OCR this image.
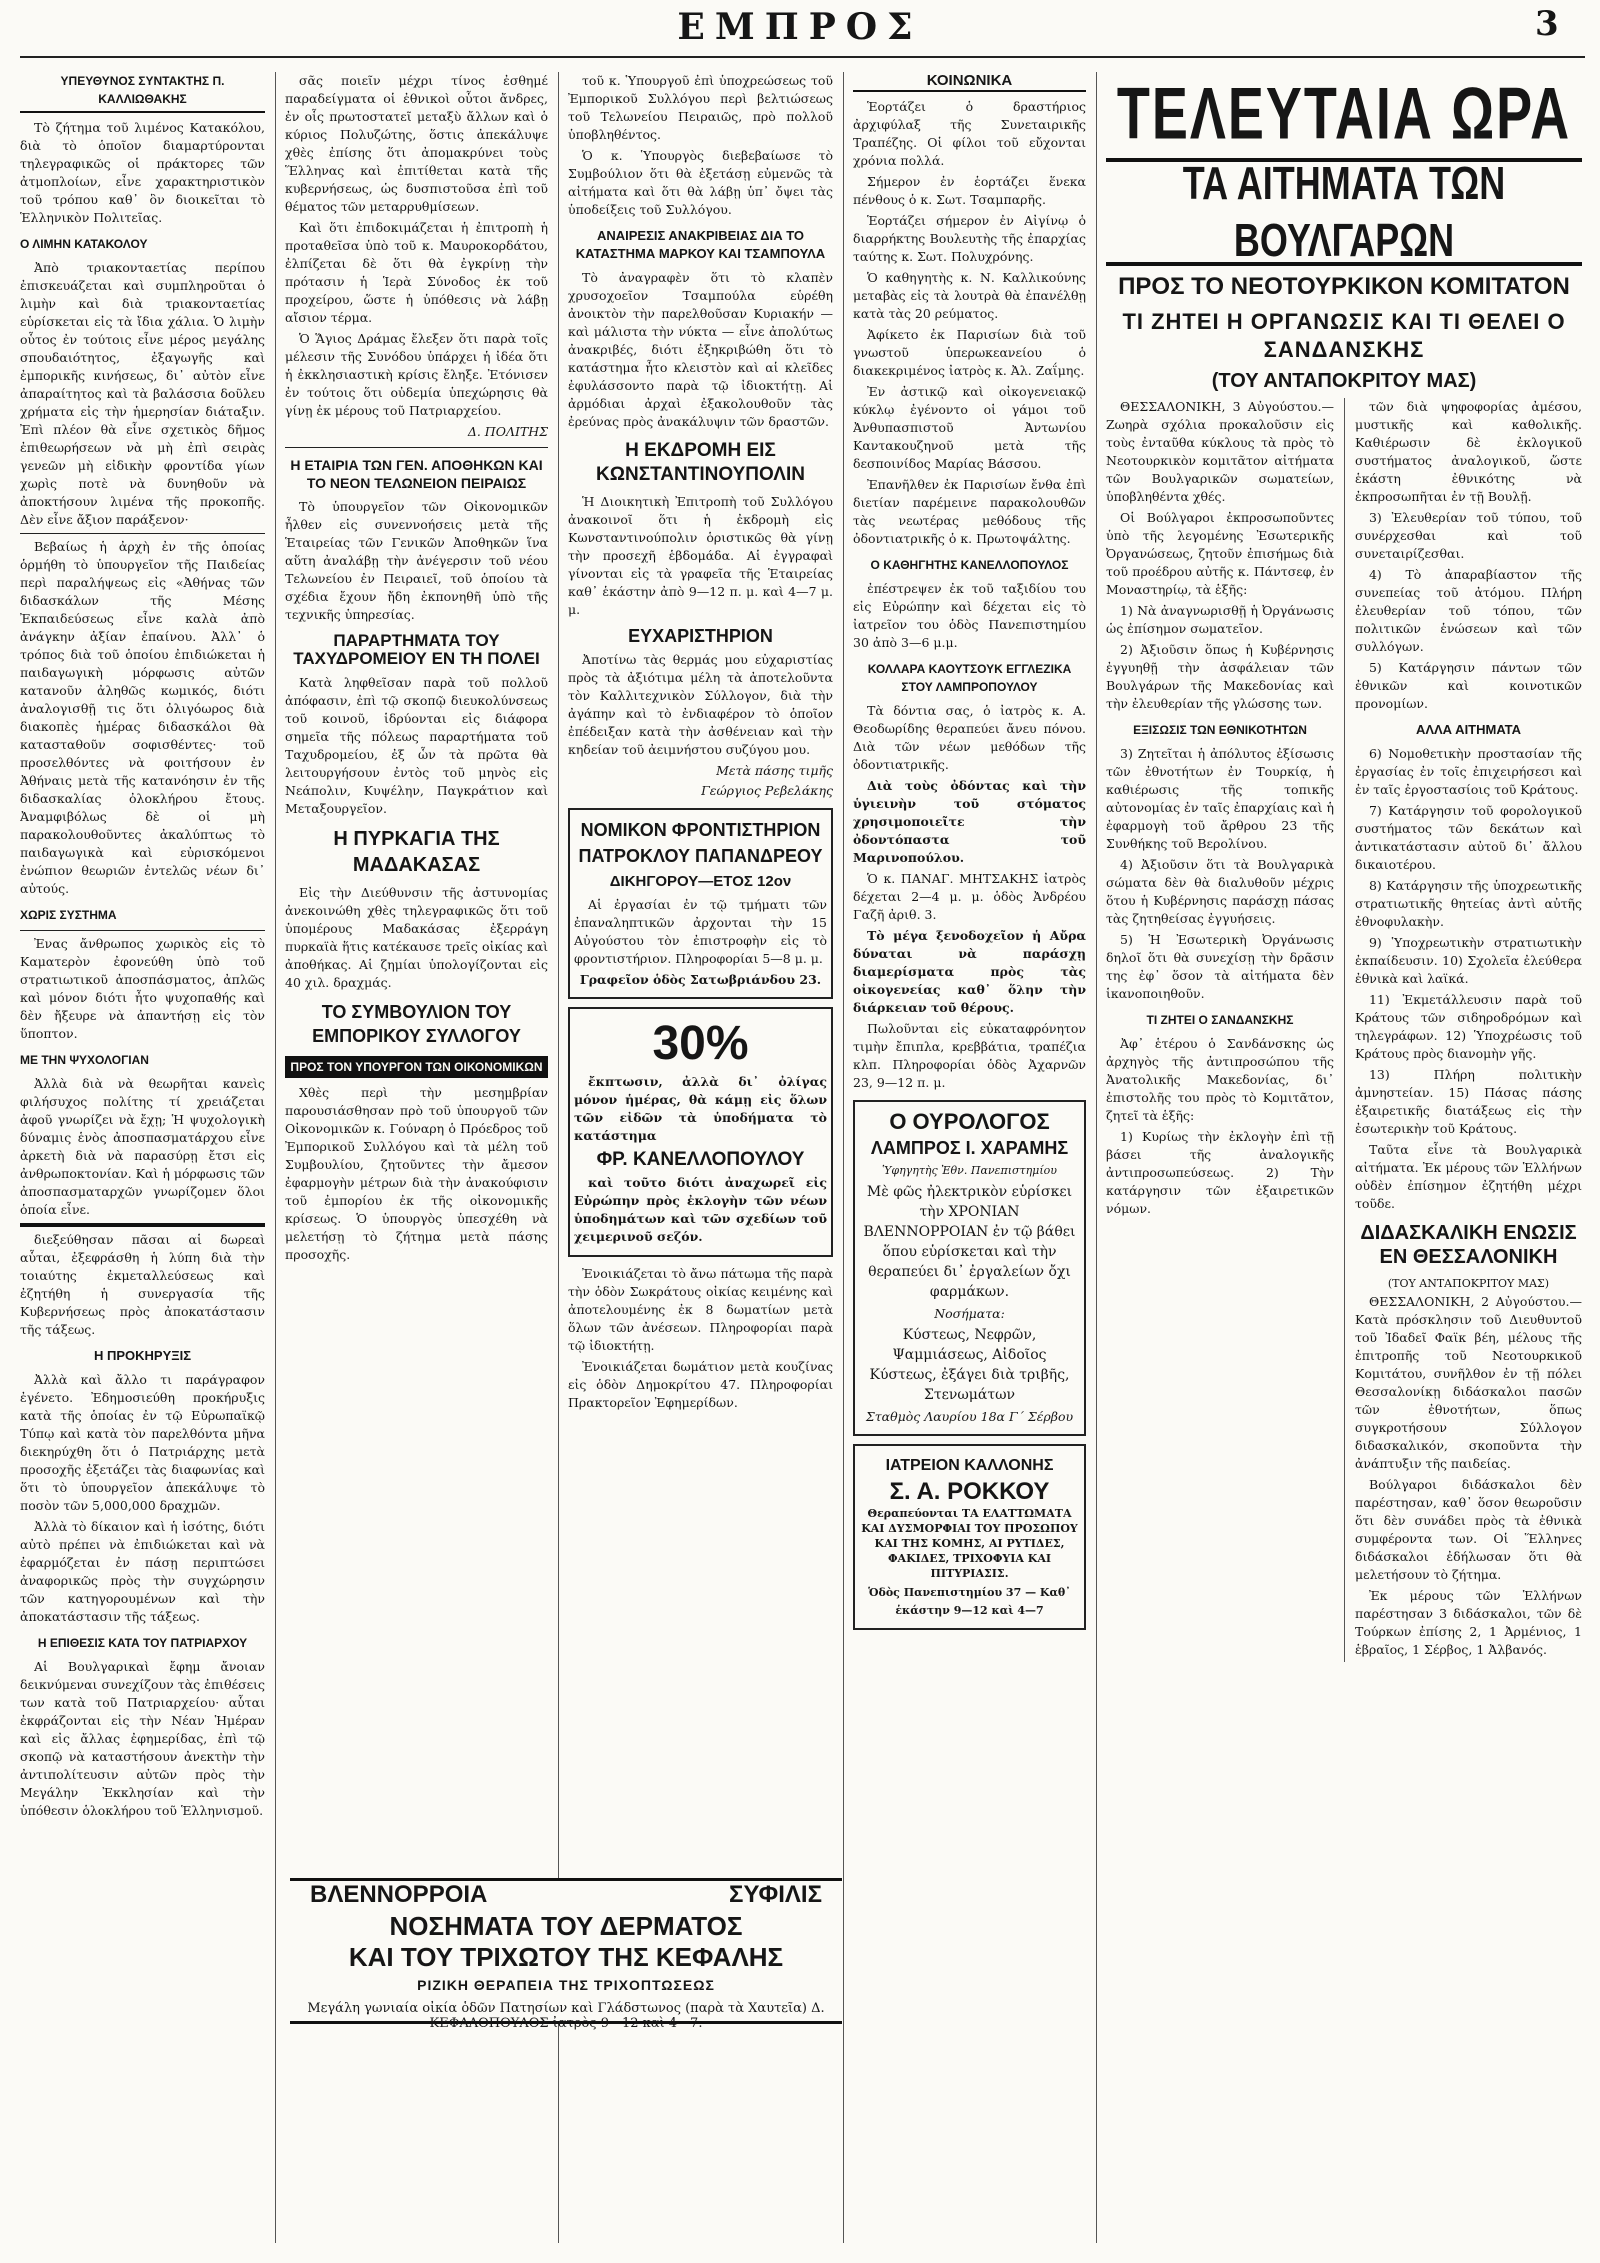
ΕΜΠΡΟΣ	3
ΥΠΕΥΘΥΝΟΣ ΣΥΝΤΑΚΤΗΣ Π. ΚΑΛΛΙΩΘΑΚΗΣ

Τὸ ζήτημα τοῦ λιμένος Κατακόλου, διὰ τὸ ὁποῖον διαμαρτύρονται τηλεγραφικῶς οἱ πράκτορες τῶν ἀτμοπλοίων, εἶνε χαρακτηριστικὸν τοῦ τρόπου καθ᾽ ὃν διοικεῖται τὸ Ἑλληνικὸν Πολιτεῖας.

Ο ΛΙΜΗΝ ΚΑΤΑΚΟΛΟΥ

Ἀπὸ τριακονταετίας περίπου ἐπισκευάζεται καὶ συμπληροῦται ὁ λιμὴν καὶ διὰ τριακονταετίας εὑρίσκεται εἰς τὰ ἴδια χάλια. Ὁ λιμὴν οὗτος ἐν τούτοις εἶνε μέρος μεγάλης σπουδαιότητος, ἐξαγωγῆς καὶ ἐμπορικῆς κινήσεως, δι᾽ αὐτὸν εἶνε ἀπαραίτητος καὶ τὰ βαλάσσια δοῦλευ χρήματα εἰς τὴν ἡμερησίαν διάταξιν. Ἐπὶ πλέον θὰ εἶνε σχετικὸς δῆμος ἐπιθεωρήσεων νὰ μὴ ἐπὶ σειρὰς γενεῶν μὴ εἰδικὴν φροντίδα γίων χωρὶς ποτὲ νὰ δυνηθοῦν νὰ ἀποκτήσουν λιμένα τῆς προκοπῆς. Δὲν εἶνε ἄξιον παράξενον·

Βεβαίως ἡ ἀρχὴ ἐν τῆς ὁποίας ὁρμήθη τὸ ὑπουργεῖον τῆς Παιδείας περὶ παραλήψεως εἰς «Ἀθήνας τῶν διδασκάλων τῆς Μέσης Ἐκπαιδεύσεως εἶνε καλὰ ἀπὸ ἀνάγκην ἀξίαν ἐπαίνου. Ἀλλ᾽ ὁ τρόπος διὰ τοῦ ὁποίου ἐπιδιώκεται ἡ παιδαγωγικὴ μόρφωσις αὐτῶν κατανοῦν ἀληθῶς κωμικός, διότι ἀναλογισθῇ τις ὅτι ὀλιγόωρος διὰ διακοπὲς ἡμέρας διδασκάλοι θὰ κατασταθοῦν σοφισθέντες· τοῦ προσελθόντες νὰ φοιτήσουν ἐν Ἀθήναις μετὰ τῆς κατανόησιν ἐν τῆς διδασκαλίας ὀλοκλήρου ἔτους. Ἀναμφιβόλως δὲ οἱ μὴ παρακολουθοῦντες ἀκαλύπτως τὸ παιδαγωγικὰ καὶ εὐρισκόμενοι ἐνώπιον θεωριῶν ἐντελῶς νέων δι᾽ αὐτούς.

ΧΩΡΙΣ ΣΥΣΤΗΜΑ

Ἐνας ἄνθρωπος χωρικὸς εἰς τὸ Καματερὸν ἐφονεύθη ὑπὸ τοῦ στρατιωτικοῦ ἀποσπάσματος, ἀπλῶς καὶ μόνον διότι ἦτο ψυχοπαθής καὶ δὲν ἤξευρε νὰ ἀπαντήσῃ εἰς τὸν ὕποπτον.

ΜΕ ΤΗΝ ΨΥΧΟΛΟΓΙΑΝ

Ἀλλὰ διὰ νὰ θεωρῆται κανεὶς φιλήσυχος πολίτης τί χρειάζεται ἀφοῦ γνωρίζει νὰ ἔχῃ; Ἡ ψυχολογικὴ δύναμις ἑνὸς ἀποσπασματάρχου εἶνε ἀρκετὴ διὰ νὰ παρασύρῃ ἔτσι εἰς ἀνθρωποκτονίαν. Καὶ ἡ μόρφωσις τῶν ἀποσπασματαρχῶν γνωρίζομεν ὅλοι ὁποία εἶνε.

διεξεύθησαν πᾶσαι αἱ δωρεαὶ αὗται, ἐξεφράσθη ἡ λύπη διὰ τὴν τοιαύτης ἐκμεταλλεύσεως καὶ ἐζητήθη ἡ συνεργασία τῆς Κυβερνήσεως πρὸς ἀποκατάστασιν τῆς τάξεως.

Η ΠΡΟΚΗΡΥΞΙΣ

Ἀλλὰ καὶ ἄλλο τι παράγραφον ἐγένετο. Ἐδημοσιεύθη προκήρυξις κατὰ τῆς ὁποίας ἐν τῷ Εὐρωπαϊκῷ Τύπῳ καὶ κατὰ τὸν παρελθόντα μῆνα διεκηρύχθη ὅτι ὁ Πατριάρχης μετὰ προσοχῆς ἐξετάζει τὰς διαφωνίας καὶ ὅτι τὸ ὑπουργεῖον ἀπεκάλυψε τὸ ποσὸν τῶν 5,000,000 δραχμῶν.

Ἀλλὰ τὸ δίκαιον καὶ ἡ ἰσότης, διότι αὐτὸ πρέπει νὰ ἐπιδιώκεται καὶ νὰ ἐφαρμόζεται ἐν πάσῃ περιπτώσει ἀναφορικῶς πρὸς τὴν συγχώρησιν τῶν κατηγορουμένων καὶ τὴν ἀποκατάστασιν τῆς τάξεως.

Η ΕΠΙΘΕΣΙΣ ΚΑΤΑ ΤΟΥ ΠΑΤΡΙΑΡΧΟΥ

Αἱ Βουλγαρικαὶ ἔφημ ἄνοιαν δεικνύμεναι συνεχίζουν τὰς ἐπιθέσεις των κατὰ τοῦ Πατριαρχείου· αὗται ἐκφράζονται εἰς τὴν Νέαν Ἡμέραν καὶ εἰς ἄλλας ἐφημερίδας, ἐπὶ τῷ σκοπῷ νὰ καταστήσουν ἀνεκτὴν τὴν ἀντιπολίτευσιν αὐτῶν πρὸς τὴν Μεγάλην Ἐκκλησίαν καὶ τὴν ὑπόθεσιν ὁλοκλήρου τοῦ Ἑλληνισμοῦ.

σᾶς ποιεῖν μέχρι τίνος ἐσθημέ παραδείγματα οἱ ἐθνικοὶ οὗτοι ἄνδρες, ἐν οἷς πρωτοστατεῖ μεταξὺ ἄλλων καὶ ὁ κύριος Πολυζώτης, ὅστις ἀπεκάλυψε χθὲς ἐπίσης ὅτι ἀπομακρύνει τοὺς Ἕλληνας καὶ ἐπιτίθεται κατὰ τῆς κυβερνήσεως, ὡς δυσπιστοῦσα ἐπὶ τοῦ θέματος τῶν μεταρρυθμίσεων.

Καὶ ὅτι ἐπιδοκιμάζεται ἡ ἐπιτροπὴ ἡ προταθεῖσα ὑπὸ τοῦ κ. Μαυροκορδάτου, ἐλπίζεται δὲ ὅτι θὰ ἐγκρίνῃ τὴν πρότασιν ἡ Ἱερὰ Σύνοδος ἐκ τοῦ προχείρου, ὥστε ἡ ὑπόθεσις νὰ λάβῃ αἴσιον τέρμα.

Ὁ Ἅγιος Δράμας ἔλεξεν ὅτι παρὰ τοῖς μέλεσιν τῆς Συνόδου ὑπάρχει ἡ ἰδέα ὅτι ἡ ἐκκλησιαστικὴ κρίσις ἔληξε. Ἐτόνισεν ἐν τούτοις ὅτι οὐδεμία ὑπεχώρησις θὰ γίνῃ ἐκ μέρους τοῦ Πατριαρχείου.

Δ. ΠΟΛΙΤΗΣ
Η ΕΤΑΙΡΙΑ ΤΩΝ ΓΕΝ. ΑΠΟΘΗΚΩΝ ΚΑΙ ΤΟ ΝΕΟΝ ΤΕΛΩΝΕΙΟΝ ΠΕΙΡΑΙΩΣ

Τὸ ὑπουργεῖον τῶν Οἰκονομικῶν ἦλθεν εἰς συνεννοήσεις μετὰ τῆς Ἑταιρείας τῶν Γενικῶν Ἀποθηκῶν ἵνα αὕτη ἀναλάβῃ τὴν ἀνέγερσιν τοῦ νέου Τελωνείου ἐν Πειραιεῖ, τοῦ ὁποίου τὰ σχέδια ἔχουν ἤδη ἐκπονηθῆ ὑπὸ τῆς τεχνικῆς ὑπηρεσίας.

ΠΑΡΑΡΤΗΜΑΤΑ ΤΟΥ ΤΑΧΥΔΡΟΜΕΙΟΥ ΕΝ ΤΗ ΠΟΛΕΙ

Κατὰ ληφθεῖσαν παρὰ τοῦ πολλοῦ ἀπόφασιν, ἐπὶ τῷ σκοπῷ διευκολύνσεως τοῦ κοινοῦ, ἱδρύονται εἰς διάφορα σημεῖα τῆς πόλεως παραρτήματα τοῦ Ταχυδρομείου, ἐξ ὧν τὰ πρῶτα θὰ λειτουργήσουν ἐντὸς τοῦ μηνὸς εἰς Νεάπολιν, Κυψέλην, Παγκράτιον καὶ Μεταξουργεῖον.

Η ΠΥΡΚΑΓΙΑ ΤΗΣ ΜΑΔΑΚΑΣΑΣ

Εἰς τὴν Διεύθυνσιν τῆς ἀστυνομίας ἀνεκοινώθη χθὲς τηλεγραφικῶς ὅτι τοῦ ὑπομέρους Μαδακάσας ἐξερράγη πυρκαϊὰ ἥτις κατέκαυσε τρεῖς οἰκίας καὶ ἀποθήκας. Αἱ ζημίαι ὑπολογίζονται εἰς 40 χιλ. δραχμάς.

ΤΟ ΣΥΜΒΟΥΛΙΟΝ ΤΟΥ ΕΜΠΟΡΙΚΟΥ ΣΥΛΛΟΓΟΥ
ΠΡΟΣ ΤΟΝ ΥΠΟΥΡΓΟΝ ΤΩΝ ΟΙΚΟΝΟΜΙΚΩΝ

Χθὲς περὶ τὴν μεσημβρίαν παρουσιάσθησαν πρὸ τοῦ ὑπουργοῦ τῶν Οἰκονομικῶν κ. Γούναρη ὁ Πρόεδρος τοῦ Ἐμπορικοῦ Συλλόγου καὶ τὰ μέλη τοῦ Συμβουλίου, ζητοῦντες τὴν ἄμεσον ἐφαρμογὴν μέτρων διὰ τὴν ἀνακούφισιν τοῦ ἐμπορίου ἐκ τῆς οἰκονομικῆς κρίσεως. Ὁ ὑπουργὸς ὑπεσχέθη νὰ μελετήσῃ τὸ ζήτημα μετὰ πάσης προσοχῆς.

τοῦ κ. Ὑπουργοῦ ἐπὶ ὑποχρεώσεως τοῦ Ἐμπορικοῦ Συλλόγου περὶ βελτιώσεως τοῦ Τελωνείου Πειραιῶς, πρὸ πολλοῦ ὑποβληθέντος.

Ὁ κ. Ὑπουργὸς διεβεβαίωσε τὸ Συμβούλιον ὅτι θὰ ἐξετάσῃ εὐμενῶς τὰ αἰτήματα καὶ ὅτι θὰ λάβῃ ὑπ᾽ ὄψει τὰς ὑποδείξεις τοῦ Συλλόγου.

ΑΝΑΙΡΕΣΙΣ ΑΝΑΚΡΙΒΕΙΑΣ ΔΙΑ ΤΟ ΚΑΤΑΣΤΗΜΑ ΜΑΡΚΟΥ ΚΑΙ ΤΣΑΜΠΟΥΛΑ

Τὸ ἀναγραφὲν ὅτι τὸ κλαπὲν χρυσοχοεῖον Τσαμπούλα εὑρέθη ἀνοικτὸν τὴν παρελθοῦσαν Κυριακήν — καὶ μάλιστα τὴν νύκτα — εἶνε ἀπολύτως ἀνακριβές, διότι ἐξηκριβώθη ὅτι τὸ κατάστημα ἦτο κλειστὸν καὶ αἱ κλεῖδες ἐφυλάσσοντο παρὰ τῷ ἰδιοκτήτῃ. Αἱ ἀρμόδιαι ἀρχαὶ ἐξακολουθοῦν τὰς ἐρεύνας πρὸς ἀνακάλυψιν τῶν δραστῶν.

Η ΕΚΔΡΟΜΗ ΕΙΣ ΚΩΝΣΤΑΝΤΙΝΟΥΠΟΛΙΝ

Ἡ Διοικητικὴ Ἐπιτροπὴ τοῦ Συλλόγου ἀνακοινοῖ ὅτι ἡ ἐκδρομὴ εἰς Κωνσταντινούπολιν ὁριστικῶς θὰ γίνῃ τὴν προσεχῆ ἑβδομάδα. Αἱ ἐγγραφαὶ γίνονται εἰς τὰ γραφεῖα τῆς Ἑταιρείας καθ᾽ ἑκάστην ἀπὸ 9—12 π. μ. καὶ 4—7 μ. μ.

ΕΥΧΑΡΙΣΤΗΡΙΟΝ

Ἀποτίνω τὰς θερμάς μου εὐχαριστίας πρὸς τὰ ἀξιότιμα μέλη τὰ ἀποτελοῦντα τὸν Καλλιτεχνικὸν Σύλλογον, διὰ τὴν ἀγάπην καὶ τὸ ἐνδιαφέρον τὸ ὁποῖον ἐπέδειξαν κατὰ τὴν ἀσθένειαν καὶ τὴν κηδείαν τοῦ ἀειμνήστου συζύγου μου.

Μετὰ πάσης τιμῆς
Γεώργιος Ρεβελάκης
ΝΟΜΙΚΟΝ ΦΡΟΝΤΙΣΤΗΡΙΟΝ
ΠΑΤΡΟΚΛΟΥ ΠΑΠΑΝΔΡΕΟΥ
ΔΙΚΗΓΟΡΟΥ—ΕΤΟΣ 12ον

Αἱ ἐργασίαι ἐν τῷ τμήματι τῶν ἐπαναληπτικῶν ἀρχονται τὴν 15 Αὐγούστου τὸν ἐπιστροφὴν εἰς τὸ φροντιστήριον. Πληροφορίαι 5—8 μ. μ.

Γραφεῖον ὁδὸς Σατωβριάνδου 23.
30%

ἔκπτωσιν, ἀλλὰ δι᾽ ὀλίγας μόνον ἡμέρας, θὰ κάμῃ εἰς ὅλων τῶν εἰδῶν τὰ ὑποδήματα τὸ κατάστημα

ΦΡ. ΚΑΝΕΛΛΟΠΟΥΛΟΥ

καὶ τοῦτο διότι ἀναχωρεῖ εἰς Εὐρώπην πρὸς ἐκλογὴν τῶν νέων ὑποδημάτων καὶ τῶν σχεδίων τοῦ χειμερινοῦ σεζόν.

Ἐνοικιάζεται τὸ ἄνω πάτωμα τῆς παρὰ τὴν ὁδὸν Σωκράτους οἰκίας κειμένης καὶ ἀποτελουμένης ἐκ 8 δωματίων μετὰ ὅλων τῶν ἀνέσεων. Πληροφορίαι παρὰ τῷ ἰδιοκτήτῃ.

Ἐνοικιάζεται δωμάτιον μετὰ κουζίνας εἰς ὁδὸν Δημοκρίτου 47. Πληροφορίαι Πρακτορεῖον Ἐφημερίδων.

ΚΟΙΝΩΝΙΚΑ

Ἑορτάζει ὁ δραστήριος ἀρχιφύλαξ τῆς Συνεταιρικῆς Τραπέζης. Οἱ φίλοι τοῦ εὔχονται χρόνια πολλά.

Σήμερον ἐν ἑορτάζει ἕνεκα πένθους ὁ κ. Σωτ. Τσαμπαρῆς.

Ἑορτάζει σήμερον ἐν Αἰγίνῳ ὁ διαρρήκτης Βουλευτὴς τῆς ἐπαρχίας ταύτης κ. Σωτ. Πολυχρόνης.

Ὁ καθηγητὴς κ. Ν. Καλλικούνης μεταβὰς εἰς τὰ λουτρὰ θὰ ἐπανέλθῃ κατὰ τὰς 20 ρεύματος.

Ἀφίκετο ἐκ Παρισίων διὰ τοῦ γνωστοῦ ὑπερωκεανείου ὁ διακεκριμένος ἰατρὸς κ. Ἀλ. Ζαΐμης.

Ἐν ἀστικῷ καὶ οἰκογενειακῷ κύκλῳ ἐγένοντο οἱ γάμοι τοῦ Ἀνθυπασπιστοῦ Ἀντωνίου Καντακουζηνοῦ μετὰ τῆς δεσποινίδος Μαρίας Βάσσου.

Ἐπανῆλθεν ἐκ Παρισίων ἔνθα ἐπὶ διετίαν παρέμεινε παρακολουθῶν τὰς νεωτέρας μεθόδους τῆς ὀδοντιατρικῆς ὁ κ. Πρωτοψάλτης.

Ο ΚΑΘΗΓΗΤΗΣ ΚΑΝΕΛΛΟΠΟΥΛΟΣ

ἐπέστρεψεν ἐκ τοῦ ταξιδίου του εἰς Εὐρώπην καὶ δέχεται εἰς τὸ ἰατρεῖον του ὁδὸς Πανεπιστημίου 30 ἀπὸ 3—6 μ.μ.

ΚΟΛΛΑΡΑ ΚΑΟΥΤΣΟΥΚ ΕΓΓΛΕΖΙΚΑ ΣΤΟΥ ΛΑΜΠΡΟΠΟΥΛΟΥ

Τὰ δόντια σας, ὁ ἰατρὸς κ. Α. Θεοδωρίδης θεραπεύει ἄνευ πόνου. Διὰ τῶν νέων μεθόδων τῆς ὀδοντιατρικῆς.

Διὰ τοὺς ὀδόντας καὶ τὴν ὑγιεινὴν τοῦ στόματος χρησιμοποιεῖτε τὴν ὀδοντόπαστα τοῦ Μαρινοπούλου.

Ὁ κ. ΠΑΝΑΓ. ΜΗΤΣΑΚΗΣ ἰατρὸς δέχεται 2—4 μ. μ. ὁδὸς Ἀνδρέου Γαζῆ ἀριθ. 3.

Τὸ μέγα ξενοδοχεῖον ἡ Αὔρα δύναται νὰ παράσχῃ διαμερίσματα πρὸς τὰς οἰκογενείας καθ᾽ ὅλην τὴν διάρκειαν τοῦ θέρους.

Πωλοῦνται εἰς εὐκαταφρόνητον τιμὴν ἔπιπλα, κρεββάτια, τραπέζια κλπ. Πληροφορίαι ὁδὸς Ἀχαρνῶν 23, 9—12 π. μ.

Ο ΟΥΡΟΛΟΓΟΣ
ΛΑΜΠΡΟΣ Ι. ΧΑΡΑΜΗΣ
Ὑφηγητὴς Ἐθν. Πανεπιστημίου

Μὲ φῶς ἠλεκτρικὸν εὑρίσκει τὴν ΧΡΟΝΙΑΝ ΒΛΕΝΝΟΡΡΟΙΑΝ ἐν τῷ βάθει ὅπου εὑρίσκεται καὶ τὴν θεραπεύει δι᾽ ἐργαλείων ὄχι φαρμάκων.

Νοσήματα:

Κύστεως, Νεφρῶν, Ψαμμιάσεως, Αἰδοῖος Κύστεως, ἐξάγει διὰ τριβῆς, Στενωμάτων

Σταθμὸς Λαυρίου 18α Γ΄ Σέρβου
ΙΑΤΡΕΙΟΝ ΚΑΛΛΟΝΗΣ
Σ. Α. ΡΟΚΚΟΥ

Θεραπεύονται ΤΑ ΕΛΑΤΤΩΜΑΤΑ ΚΑΙ ΔΥΣΜΟΡΦΙΑΙ ΤΟΥ ΠΡΟΣΩΠΟΥ ΚΑΙ ΤΗΣ ΚΟΜΗΣ, ΑΙ ΡΥΤΙΔΕΣ, ΦΑΚΙΔΕΣ, ΤΡΙΧΟΦΥΙΑ ΚΑΙ ΠΙΤΥΡΙΑΣΙΣ.

Ὁδὸς Πανεπιστημίου 37 — Καθ᾽ ἑκάστην 9—12 καὶ 4—7
ΤΕΛΕΥΤΑΙΑ ΩΡΑ
ΤΑ ΑΙΤΗΜΑΤΑ ΤΩΝ ΒΟΥΛΓΑΡΩΝ
ΠΡΟΣ ΤΟ ΝΕΟΤΟΥΡΚΙΚΟΝ ΚΟΜΙΤΑΤΟΝ
ΤΙ ΖΗΤΕΙ Η ΟΡΓΑΝΩΣΙΣ ΚΑΙ ΤΙ ΘΕΛΕΙ Ο ΣΑΝΔΑΝΣΚΗΣ
(ΤΟΥ ΑΝΤΑΠΟΚΡΙΤΟΥ ΜΑΣ)

ΘΕΣΣΑΛΟΝΙΚΗ, 3 Αὐγούστου.—Ζωηρὰ σχόλια προκαλοῦσιν εἰς τοὺς ἐνταῦθα κύκλους τὰ πρὸς τὸ Νεοτουρκικὸν κομιτᾶτον αἰτήματα τῶν Βουλγαρικῶν σωματείων, ὑποβληθέντα χθές.

Οἱ Βούλγαροι ἐκπροσωποῦντες ὑπὸ τῆς λεγομένης Ἐσωτερικῆς Ὀργανώσεως, ζητοῦν ἐπισήμως διὰ τοῦ προέδρου αὐτῆς κ. Πάντσεφ, ἐν Μοναστηρίῳ, τὰ ἑξῆς:

1) Νὰ ἀναγνωρισθῇ ἡ Ὀργάνωσις ὡς ἐπίσημον σωματεῖον.

2) Ἀξιοῦσιν ὅπως ἡ Κυβέρνησις ἐγγυηθῇ τὴν ἀσφάλειαν τῶν Βουλγάρων τῆς Μακεδονίας καὶ τὴν ἐλευθερίαν τῆς γλώσσης των.

ΕΞΙΣΩΣΙΣ ΤΩΝ ΕΘΝΙΚΟΤΗΤΩΝ

3) Ζητεῖται ἡ ἀπόλυτος ἐξίσωσις τῶν ἐθνοτήτων ἐν Τουρκίᾳ, ἡ καθιέρωσις τῆς τοπικῆς αὐτονομίας ἐν ταῖς ἐπαρχίαις καὶ ἡ ἐφαρμογὴ τοῦ ἄρθρου 23 τῆς Συνθήκης τοῦ Βερολίνου.

4) Ἀξιοῦσιν ὅτι τὰ Βουλγαρικὰ σώματα δὲν θὰ διαλυθοῦν μέχρις ὅτου ἡ Κυβέρνησις παράσχῃ πάσας τὰς ζητηθείσας ἐγγυήσεις.

5) Ἡ Ἐσωτερικὴ Ὀργάνωσις δηλοῖ ὅτι θὰ συνεχίσῃ τὴν δρᾶσιν της ἐφ᾽ ὅσον τὰ αἰτήματα δὲν ἱκανοποιηθοῦν.

ΤΙ ΖΗΤΕΙ Ο ΣΑΝΔΑΝΣΚΗΣ

Ἀφ᾽ ἑτέρου ὁ Σανδάνσκης ὡς ἀρχηγὸς τῆς ἀντιπροσώπου τῆς Ἀνατολικῆς Μακεδονίας, δι᾽ ἐπιστολῆς του πρὸς τὸ Κομιτᾶτον, ζητεῖ τὰ ἑξῆς:

1) Κυρίως τὴν ἐκλογὴν ἐπὶ τῇ βάσει τῆς ἀναλογικῆς ἀντιπροσωπεύσεως. 2) Τὴν κατάργησιν τῶν ἐξαιρετικῶν νόμων.

τῶν διὰ ψηφοφορίας ἀμέσου, μυστικῆς καὶ καθολικῆς. Καθιέρωσιν δὲ ἐκλογικοῦ συστήματος ἀναλογικοῦ, ὥστε ἑκάστη ἐθνικότης νὰ ἐκπροσωπῆται ἐν τῇ Βουλῇ.

3) Ἐλευθερίαν τοῦ τύπου, τοῦ συνέρχεσθαι καὶ τοῦ συνεταιρίζεσθαι.

4) Τὸ ἀπαραβίαστον τῆς συνεπείας τοῦ ἀτόμου. Πλήρη ἐλευθερίαν τοῦ τόπου, τῶν πολιτικῶν ἑνώσεων καὶ τῶν συλλόγων.

5) Κατάργησιν πάντων τῶν ἐθνικῶν καὶ κοινοτικῶν προνομίων.

ΑΛΛΑ ΑΙΤΗΜΑΤΑ

6) Νομοθετικὴν προστασίαν τῆς ἐργασίας ἐν τοῖς ἐπιχειρήσεσι καὶ ἐν ταῖς ἐργοστασίοις τοῦ Κράτους.

7) Κατάργησιν τοῦ φορολογικοῦ συστήματος τῶν δεκάτων καὶ ἀντικατάστασιν αὐτοῦ δι᾽ ἄλλου δικαιοτέρου.

8) Κατάργησιν τῆς ὑποχρεωτικῆς στρατιωτικῆς θητείας ἀντὶ αὐτῆς ἐθνοφυλακὴν.

9) Ὑποχρεωτικὴν στρατιωτικὴν ἐκπαίδευσιν. 10) Σχολεῖα ἐλεύθερα ἐθνικὰ καὶ λαϊκά.

11) Ἐκμετάλλευσιν παρὰ τοῦ Κράτους τῶν σιδηροδρόμων καὶ τηλεγράφων. 12) Ὑποχρέωσις τοῦ Κράτους πρὸς διανομὴν γῆς.

13) Πλήρη πολιτικὴν ἀμνηστείαν. 15) Πάσας πάσης ἐξαιρετικῆς διατάξεως εἰς τὴν ἐσωτερικὴν τοῦ Κράτους.

Ταῦτα εἶνε τὰ Βουλγαρικὰ αἰτήματα. Ἐκ μέρους τῶν Ἑλλήνων οὐδὲν ἐπίσημον ἐζητήθη μέχρι τοῦδε.

ΔΙΔΑΣΚΑΛΙΚΗ ΕΝΩΣΙΣ ΕΝ ΘΕΣΣΑΛΟΝΙΚΗ
(ΤΟΥ ΑΝΤΑΠΟΚΡΙΤΟΥ ΜΑΣ)

ΘΕΣΣΑΛΟΝΙΚΗ, 2 Αὐγούστου.—Κατὰ πρόσκλησιν τοῦ Διευθυντοῦ τοῦ Ἰδαδεῖ Φαϊκ βέη, μέλους τῆς ἐπιτροπῆς τοῦ Νεοτουρκικοῦ Κομιτάτου, συνῆλθον ἐν τῇ πόλει Θεσσαλονίκῃ διδάσκαλοι πασῶν τῶν ἐθνοτήτων, ὅπως συγκροτήσουν Σύλλογον διδασκαλικόν, σκοποῦντα τὴν ἀνάπτυξιν τῆς παιδείας.

Βούλγαροι διδάσκαλοι δὲν παρέστησαν, καθ᾽ ὅσον θεωροῦσιν ὅτι δὲν συνάδει πρὸς τὰ ἐθνικὰ συμφέροντα των. Οἱ Ἕλληνες διδάσκαλοι ἐδήλωσαν ὅτι θὰ μελετήσουν τὸ ζήτημα.

Ἐκ μέρους τῶν Ἑλλήνων παρέστησαν 3 διδάσκαλοι, τῶν δὲ Τούρκων ἐπίσης 2, 1 Ἀρμένιος, 1 ἑβραῖος, 1 Σέρβος, 1 Ἀλβανός.

ΒΛΕΝΝΟΡΡΟΙΑ	ΣΥΦΙΛΙΣ
ΝΟΣΗΜΑΤΑ ΤΟΥ ΔΕΡΜΑΤΟΣ
ΚΑΙ ΤΟΥ ΤΡΙΧΩΤΟΥ ΤΗΣ ΚΕΦΑΛΗΣ
ΡΙΖΙΚΗ ΘΕΡΑΠΕΙΑ ΤΗΣ ΤΡΙΧΟΠΤΩΣΕΩΣ
Μεγάλη γωνιαία οἰκία ὁδῶν Πατησίων καὶ Γλάδστωνος (παρὰ τὰ Χαυτεῖα) Δ. ΚΕΦΑΛΟΠΟΥΛΟΣ ἰατρὸς 9—12 καὶ 4—7.
